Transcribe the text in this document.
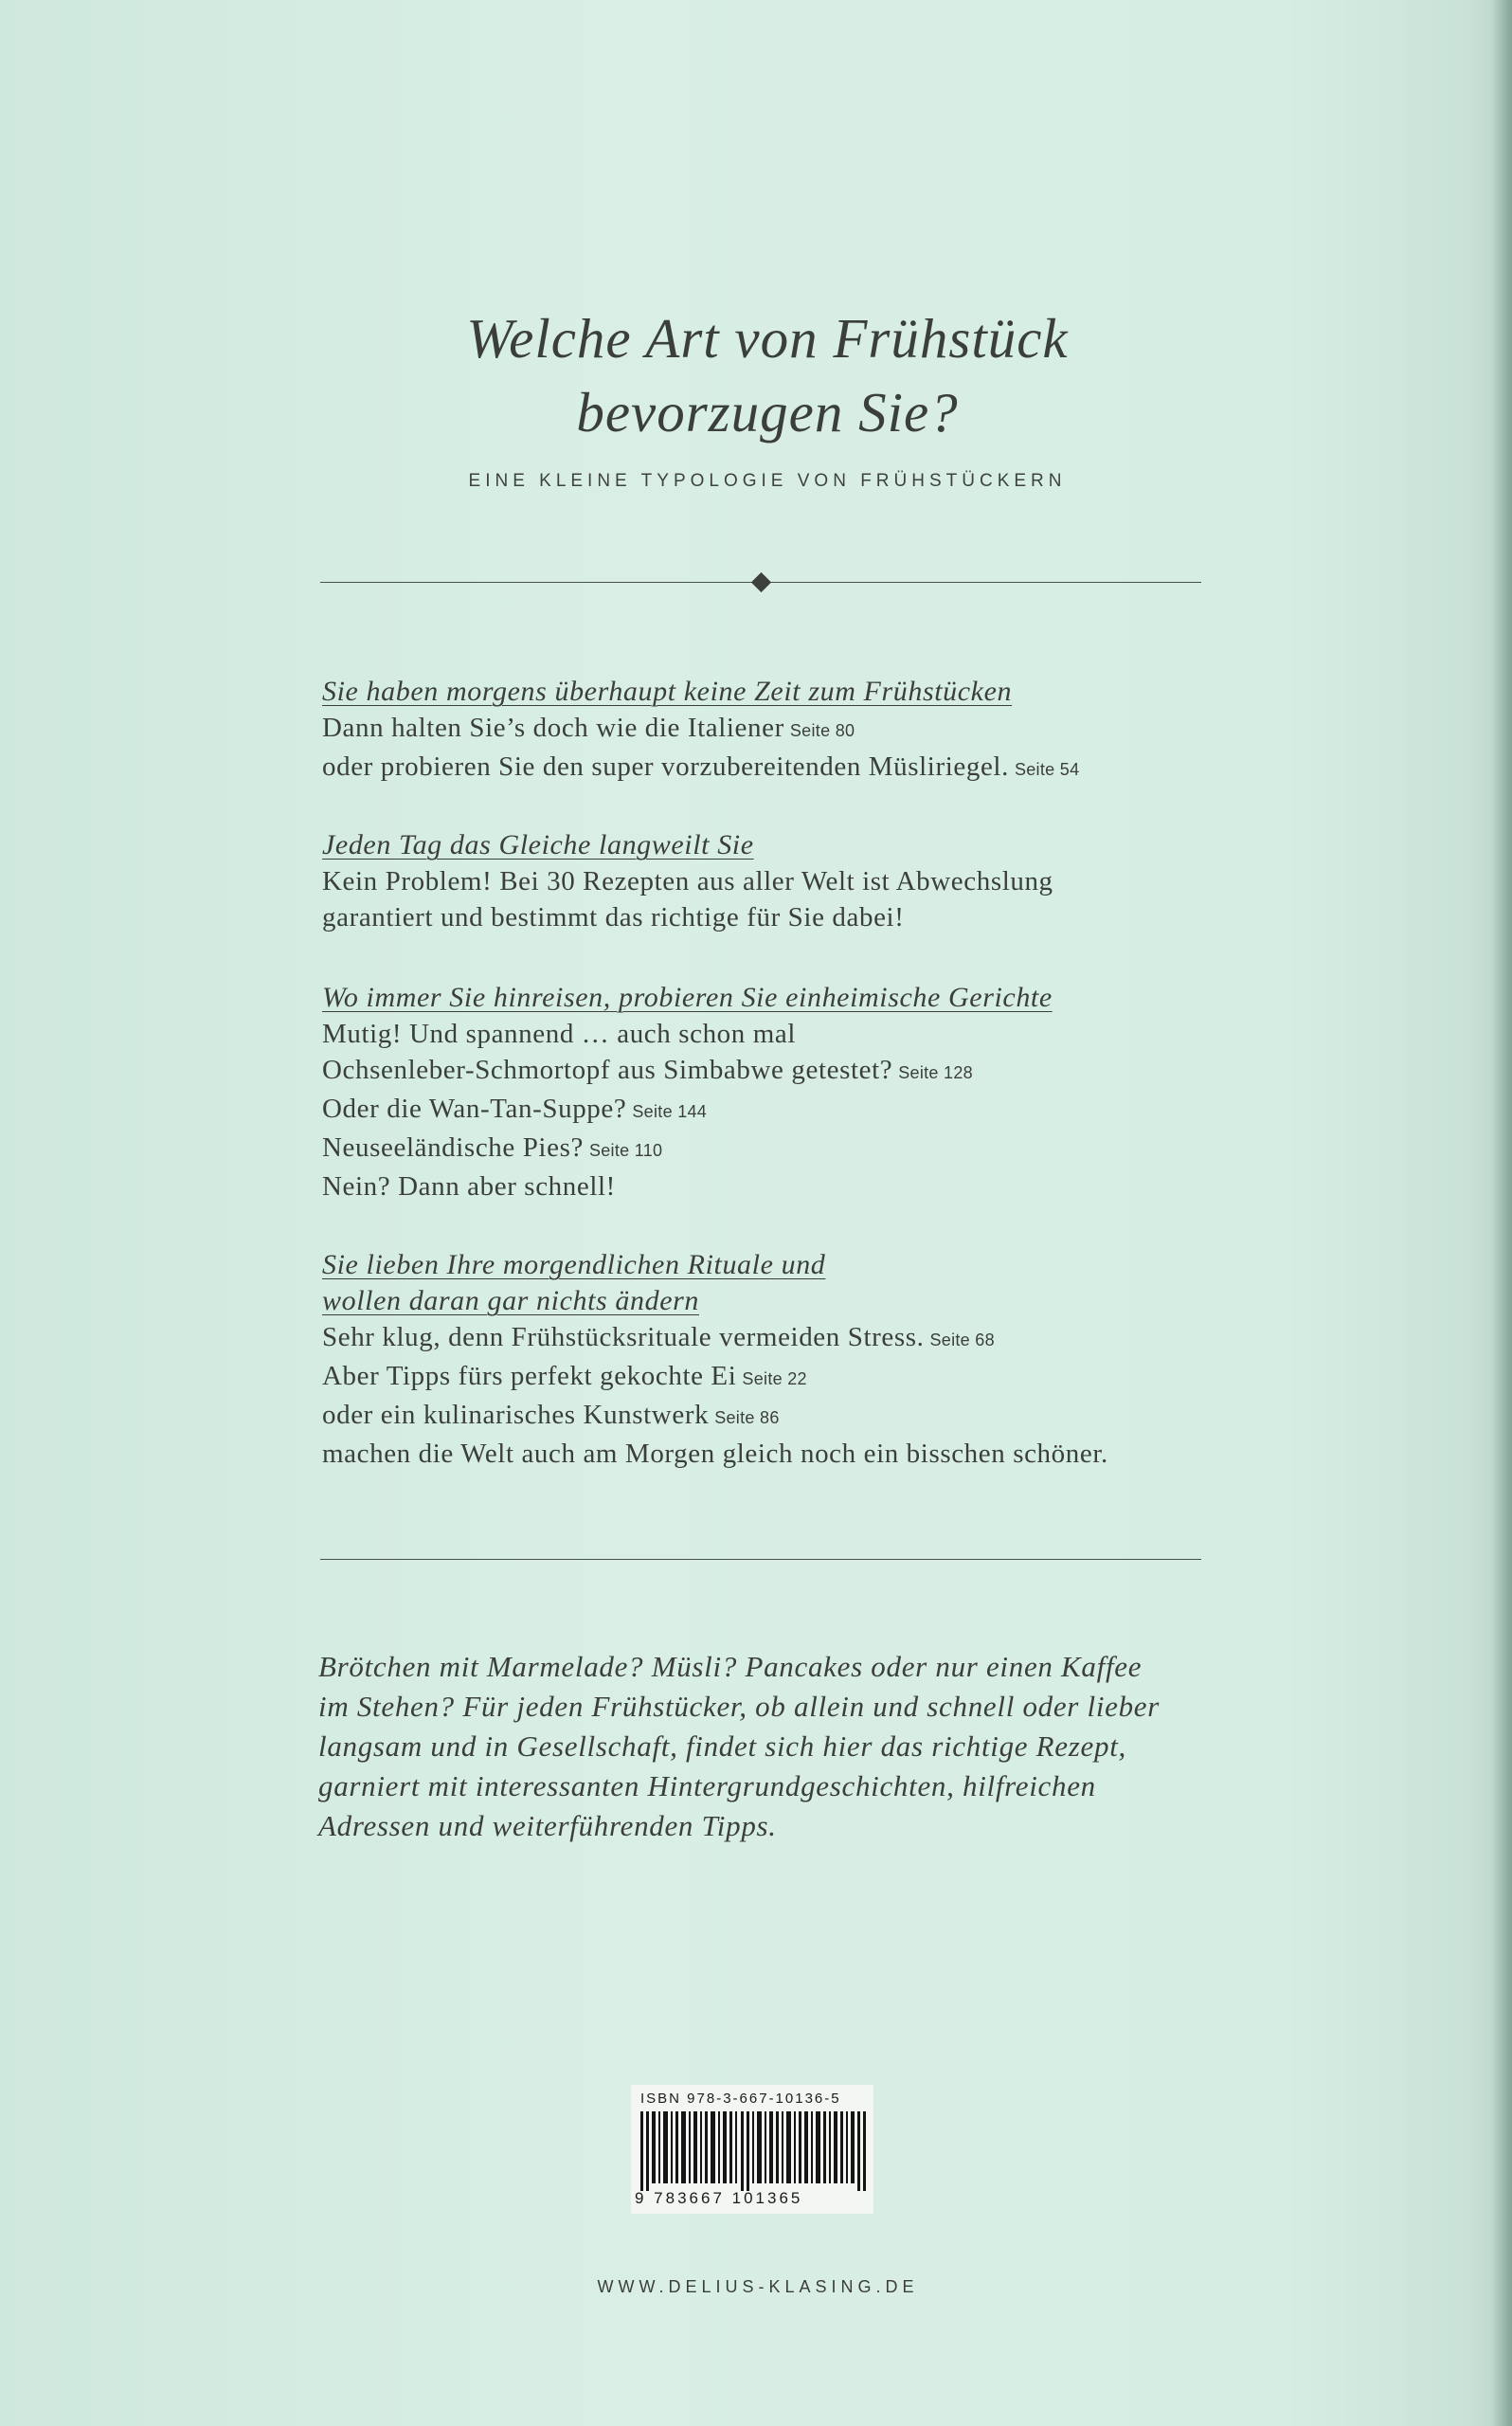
Welche Art von Frühstück
bevorzugen Sie?
EINE KLEINE TYPOLOGIE VON FRÜHSTÜCKERN
Sie haben morgens überhaupt keine Zeit zum Frühstücken
Dann halten Sie’s doch wie die Italiener Seite 80
oder probieren Sie den super vorzubereitenden Müsliriegel. Seite 54
Jeden Tag das Gleiche langweilt Sie
Kein Problem! Bei 30 Rezepten aus aller Welt ist Abwechslung
garantiert und bestimmt das richtige für Sie dabei!
Wo immer Sie hinreisen, probieren Sie einheimische Gerichte
Mutig! Und spannend … auch schon mal
Ochsenleber-Schmortopf aus Simbabwe getestet? Seite 128
Oder die Wan-Tan-Suppe? Seite 144
Neuseeländische Pies? Seite 110
Nein? Dann aber schnell!
Sie lieben Ihre morgendlichen Rituale und
wollen daran gar nichts ändern
Sehr klug, denn Frühstücksrituale vermeiden Stress. Seite 68
Aber Tipps fürs perfekt gekochte Ei Seite 22
oder ein kulinarisches Kunstwerk Seite 86
machen die Welt auch am Morgen gleich noch ein bisschen schöner.
Brötchen mit Marmelade? Müsli? Pancakes oder nur einen Kaffee
im Stehen? Für jeden Frühstücker, ob allein und schnell oder lieber
langsam und in Gesellschaft, findet sich hier das richtige Rezept,
garniert mit interessanten Hintergrundgeschichten, hilfreichen
Adressen und weiterführenden Tipps.
ISBN 978-3-667-10136-5
9 783667 101365
WWW.DELIUS-KLASING.DE
